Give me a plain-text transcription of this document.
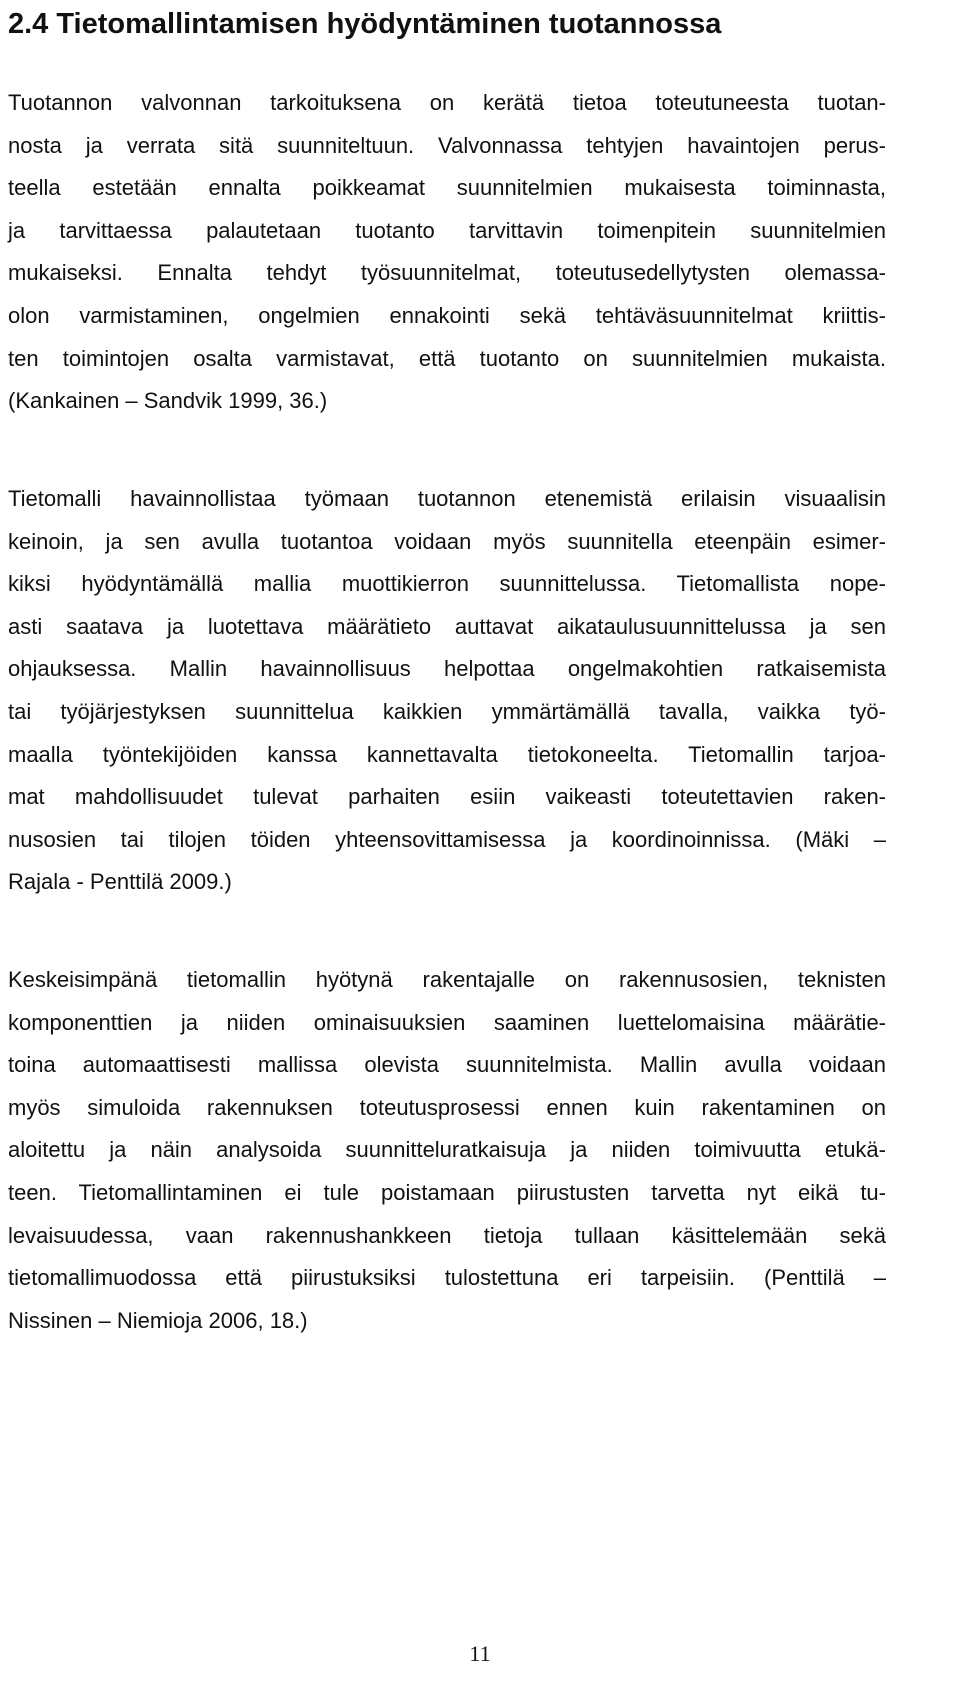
2.4 Tietomallintamisen hyödyntäminen tuotannossa
Tuotannon valvonnan tarkoituksena on kerätä tietoa toteutuneesta tuotan-
nosta ja verrata sitä suunniteltuun. Valvonnassa tehtyjen havaintojen perus-
teella estetään ennalta poikkeamat suunnitelmien mukaisesta toiminnasta,
ja tarvittaessa palautetaan tuotanto tarvittavin toimenpitein suunnitelmien
mukaiseksi. Ennalta tehdyt työsuunnitelmat, toteutusedellytysten olemassa-
olon varmistaminen, ongelmien ennakointi sekä tehtäväsuunnitelmat kriittis-
ten toimintojen osalta varmistavat, että tuotanto on suunnitelmien mukaista.
(Kankainen – Sandvik 1999, 36.)
Tietomalli havainnollistaa työmaan tuotannon etenemistä erilaisin visuaalisin
keinoin, ja sen avulla tuotantoa voidaan myös suunnitella eteenpäin esimer-
kiksi hyödyntämällä mallia muottikierron suunnittelussa. Tietomallista nope-
asti saatava ja luotettava määrätieto auttavat aikataulusuunnittelussa ja sen
ohjauksessa. Mallin havainnollisuus helpottaa ongelmakohtien ratkaisemista
tai työjärjestyksen suunnittelua kaikkien ymmärtämällä tavalla, vaikka työ-
maalla työntekijöiden kanssa kannettavalta tietokoneelta. Tietomallin tarjoa-
mat mahdollisuudet tulevat parhaiten esiin vaikeasti toteutettavien raken-
nusosien tai tilojen töiden yhteensovittamisessa ja koordinoinnissa. (Mäki –
Rajala - Penttilä 2009.)
Keskeisimpänä tietomallin hyötynä rakentajalle on rakennusosien, teknisten
komponenttien ja niiden ominaisuuksien saaminen luettelomaisina määrätie-
toina automaattisesti mallissa olevista suunnitelmista. Mallin avulla voidaan
myös simuloida rakennuksen toteutusprosessi ennen kuin rakentaminen on
aloitettu ja näin analysoida suunnitteluratkaisuja ja niiden toimivuutta etukä-
teen. Tietomallintaminen ei tule poistamaan piirustusten tarvetta nyt eikä tu-
levaisuudessa, vaan rakennushankkeen tietoja tullaan käsittelemään sekä
tietomallimuodossa että piirustuksiksi tulostettuna eri tarpeisiin. (Penttilä –
Nissinen – Niemioja 2006, 18.)
11
